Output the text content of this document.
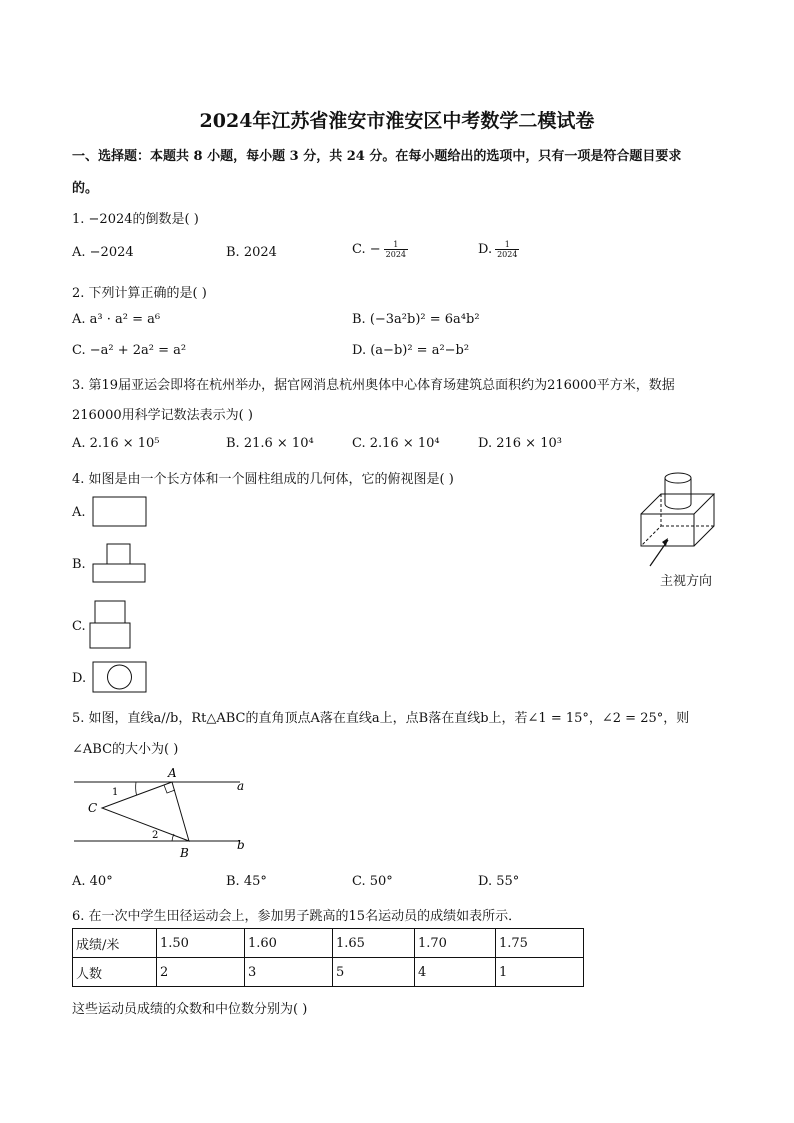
2024年江苏省淮安市淮安区中考数学二模试卷
一、选择题：本题共 8 小题，每小题 3 分，共 24 分。在每小题给出的选项中，只有一项是符合题目要求
的。
1. −2024的倒数是( )
A. −2024	B. 2024	C. − $\frac{1}{2024}$	D. $\frac{1}{2024}$
2. 下列计算正确的是( )
A. a³ · a² = a⁶	B. (−3a²b)² = 6a⁴b²
C. −a² + 2a² = a²	D. (a−b)² = a²−b²
3. 第19届亚运会即将在杭州举办，据官网消息杭州奥体中心体育场建筑总面积约为216000平方米，数据
216000用科学记数法表示为( )
A. 2.16 × 10⁵	B. 21.6 × 10⁴	C. 2.16 × 10⁴	D. 216 × 10³
4. 如图是由一个长方体和一个圆柱组成的几何体，它的俯视图是( )
A.
B.
C.
D.
主视方向
5. 如图，直线a//b，Rt△ABC的直角顶点A落在直线a上，点B落在直线b上，若∠1 = 15°，∠2 = 25°，则
∠ABC的大小为( )
A
C
B
a
b
1
2
A. 40°	B. 45°	C. 50°	D. 55°
6. 在一次中学生田径运动会上，参加男子跳高的15名运动员的成绩如表所示．
成绩/米	1.50	1.60	1.65	1.70	1.75
人数	2	3	5	4	1
这些运动员成绩的众数和中位数分别为( )
